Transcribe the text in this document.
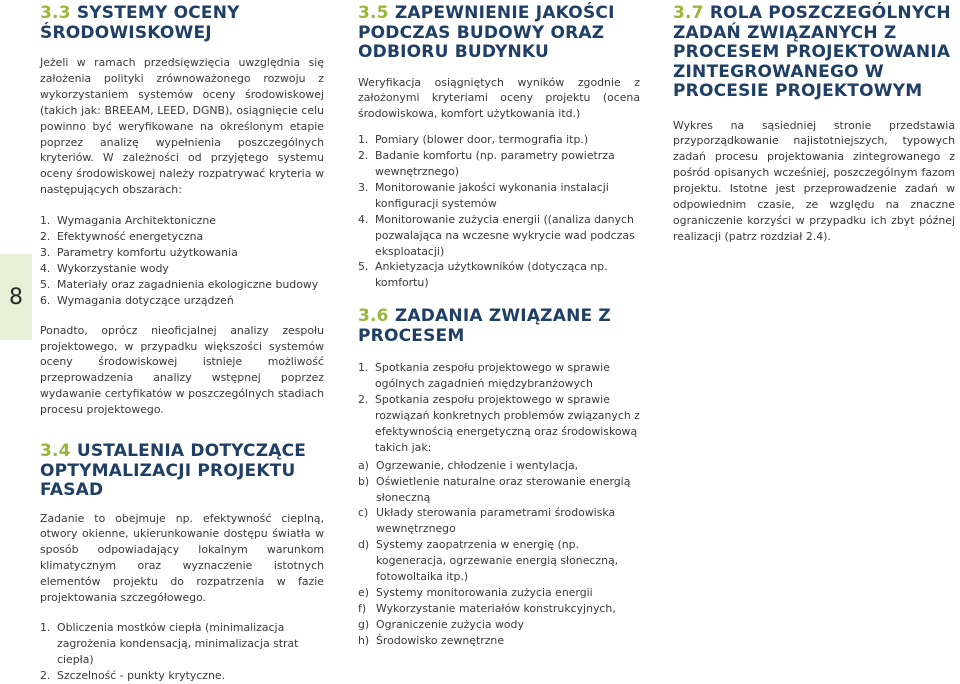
8
3.3 SYSTEMY OCENY ŚRODOWISKOWEJ

Jeżeli w ramach przedsięwzięcia uwzględnia się założenia polityki zrównoważonego rozwoju z wykorzystaniem systemów oceny środowiskowej (takich jak: BREEAM, LEED, DGNB), osiągnięcie celu powinno być weryfikowane na określonym etapie poprzez analizę wypełnienia poszczególnych kryteriów. W zależności od przyjętego systemu oceny środowiskowej należy rozpatrywać kryteria w następujących obszarach:

1. Wymagania Architektoniczne
2. Efektywność energetyczna
3. Parametry komfortu użytkowania
4. Wykorzystanie wody
5. Materiały oraz zagadnienia ekologiczne budowy
6. Wymagania dotyczące urządzeń

Ponadto, oprócz nieoficjalnej analizy zespołu projektowego, w przypadku większości systemów oceny środowiskowej istnieje możliwość przeprowadzenia analizy wstępnej poprzez wydawanie certyfikatów w poszczególnych stadiach procesu projektowego.

3.4 USTALENIA DOTYCZĄCE OPTYMALIZACJI PROJEKTU FASAD

Zadanie to obejmuje np. efektywność cieplną, otwory okienne, ukierunkowanie dostępu światła w sposób odpowiadający lokalnym warunkom klimatycznym oraz wyznaczenie istotnych elementów projektu do rozpatrzenia w fazie projektowania szczegółowego.

1. Obliczenia mostków ciepła (minimalizacja zagrożenia kondensacją, minimalizacja strat ciepła)
2. Szczelność - punkty krytyczne.
3.5 ZAPEWNIENIE JAKOŚCI PODCZAS BUDOWY ORAZ ODBIORU BUDYNKU

Weryfikacja osiągniętych wyników zgodnie z założonymi kryteriami oceny projektu (ocena środowiskowa, komfort użytkowania itd.)

1. Pomiary (blower door, termografia itp.)
2. Badanie komfortu (np. parametry powietrza wewnętrznego)
3. Monitorowanie jakości wykonania instalacji konfiguracji systemów
4. Monitorowanie zużycia energii ((analiza danych pozwalająca na wczesne wykrycie wad podczas eksploatacji)
5. Ankietyzacja użytkowników (dotycząca np. komfortu)
3.6 ZADANIA ZWIĄZANE Z PROCESEM
1. Spotkania zespołu projektowego w sprawie ogólnych zagadnień międzybranżowych
2. Spotkania zespołu projektowego w sprawie rozwiązań konkretnych problemów związanych z efektywnością energetyczną oraz środowiskową takich jak:
a) Ogrzewanie, chłodzenie i wentylacja,
b) Oświetlenie naturalne oraz sterowanie energią słoneczną
c) Układy sterowania parametrami środowiska wewnętrznego
d) Systemy zaopatrzenia w energię (np. kogeneracja, ogrzewanie energią słoneczną, fotowoltaika itp.)
e) Systemy monitorowania zużycia energii
f) Wykorzystanie materiałów konstrukcyjnych,
g) Ograniczenie zużycia wody
h) Środowisko zewnętrzne
3.7 ROLA POSZCZEGÓLNYCH ZADAŃ ZWIĄZANYCH Z PROCESEM PROJEKTOWANIA ZINTEGROWANEGO W PROCESIE PROJEKTOWYM

Wykres na sąsiedniej stronie przedstawia przyporządkowanie najistotniejszych, typowych zadań procesu projektowania zintegrowanego z pośród opisanych wcześniej, poszczególnym fazom projektu. Istotne jest przeprowadzenie zadań w odpowiednim czasie, ze względu na znaczne ograniczenie korzyści w przypadku ich zbyt późnej realizacji (patrz rozdział 2.4).
